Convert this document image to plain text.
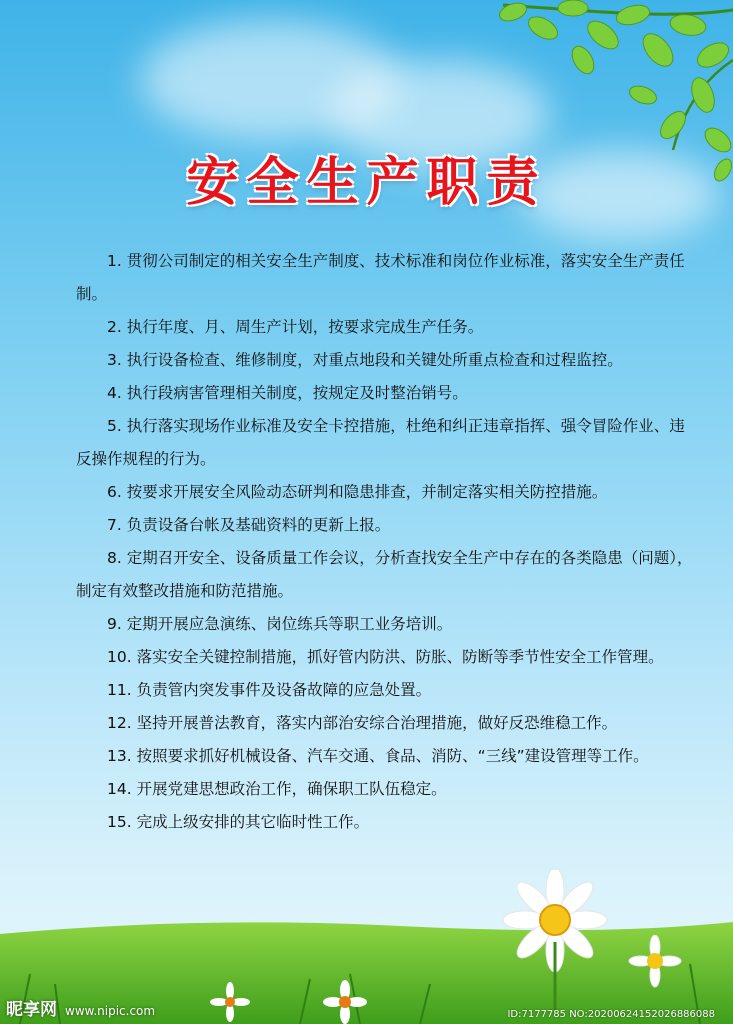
安全生产职责

1. 贯彻公司制定的相关安全生产制度、技术标准和岗位作业标准，落实安全生产责任制。

2. 执行年度、月、周生产计划，按要求完成生产任务。

3. 执行设备检查、维修制度，对重点地段和关键处所重点检查和过程监控。

4. 执行段病害管理相关制度，按规定及时整治销号。

5. 执行落实现场作业标准及安全卡控措施，杜绝和纠正违章指挥、强令冒险作业、违反操作规程的行为。

6. 按要求开展安全风险动态研判和隐患排查，并制定落实相关防控措施。

7. 负责设备台帐及基础资料的更新上报。

8. 定期召开安全、设备质量工作会议，分析查找安全生产中存在的各类隐患（问题），制定有效整改措施和防范措施。

9. 定期开展应急演练、岗位练兵等职工业务培训。

10. 落实安全关键控制措施，抓好管内防洪、防胀、防断等季节性安全工作管理。

11. 负责管内突发事件及设备故障的应急处置。

12. 坚持开展普法教育，落实内部治安综合治理措施，做好反恐维稳工作。

13. 按照要求抓好机械设备、汽车交通、食品、消防、“三线”建设管理等工作。

14. 开展党建思想政治工作，确保职工队伍稳定。

15. 完成上级安排的其它临时性工作。

昵享网 www.nipic.com	ID:7177785 NO:20200624152026886088
